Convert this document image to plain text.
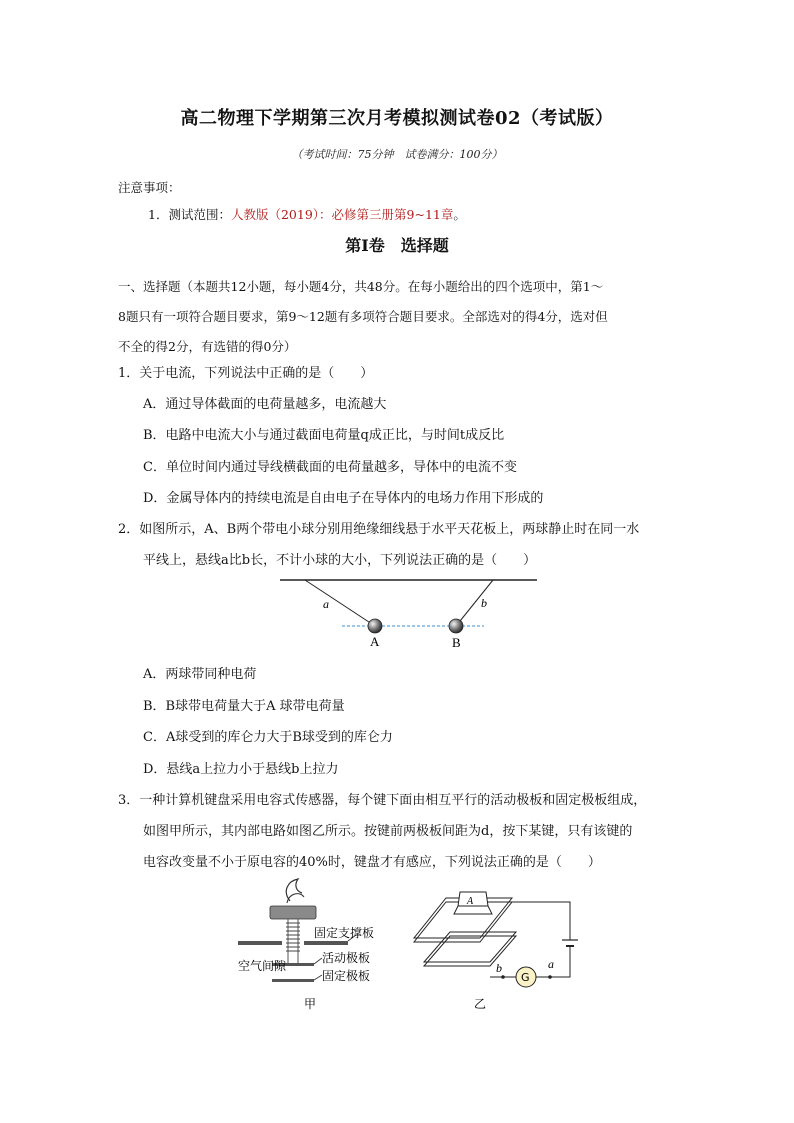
高二物理下学期第三次月考模拟测试卷02（考试版）
（考试时间：75分钟　试卷满分：100分）
注意事项：
1．测试范围：人教版（2019）：必修第三册第9~11章。
第Ⅰ卷　选择题
一、选择题（本题共12小题，每小题4分，共48分。在每小题给出的四个选项中，第1～
8题只有一项符合题目要求，第9～12题有多项符合题目要求。全部选对的得4分，选对但
不全的得2分，有选错的得0分）
1．关于电流，下列说法中正确的是（　　）
A．通过导体截面的电荷量越多，电流越大
B．电路中电流大小与通过截面电荷量q成正比，与时间t成反比
C．单位时间内通过导线横截面的电荷量越多，导体中的电流不变
D．金属导体内的持续电流是自由电子在导体内的电场力作用下形成的
2．如图所示，A、B两个带电小球分别用绝缘细线悬于水平天花板上，两球静止时在同一水
平线上，悬线a比b长，不计小球的大小，下列说法正确的是（　　）
a	b
A	B
A．两球带同种电荷
B．B球带电荷量大于A 球带电荷量
C．A球受到的库仑力大于B球受到的库仑力
D．悬线a上拉力小于悬线b上拉力
3．一种计算机键盘采用电容式传感器，每个键下面由相互平行的活动极板和固定极板组成，
如图甲所示，其内部电路如图乙所示。按键前两极板间距为d，按下某键，只有该键的
电容改变量不小于原电容的40%时，键盘才有感应，下列说法正确的是（　　）
固定支撑板
空气间隙
活动极板
固定极板
甲
A
G
b	a
乙
